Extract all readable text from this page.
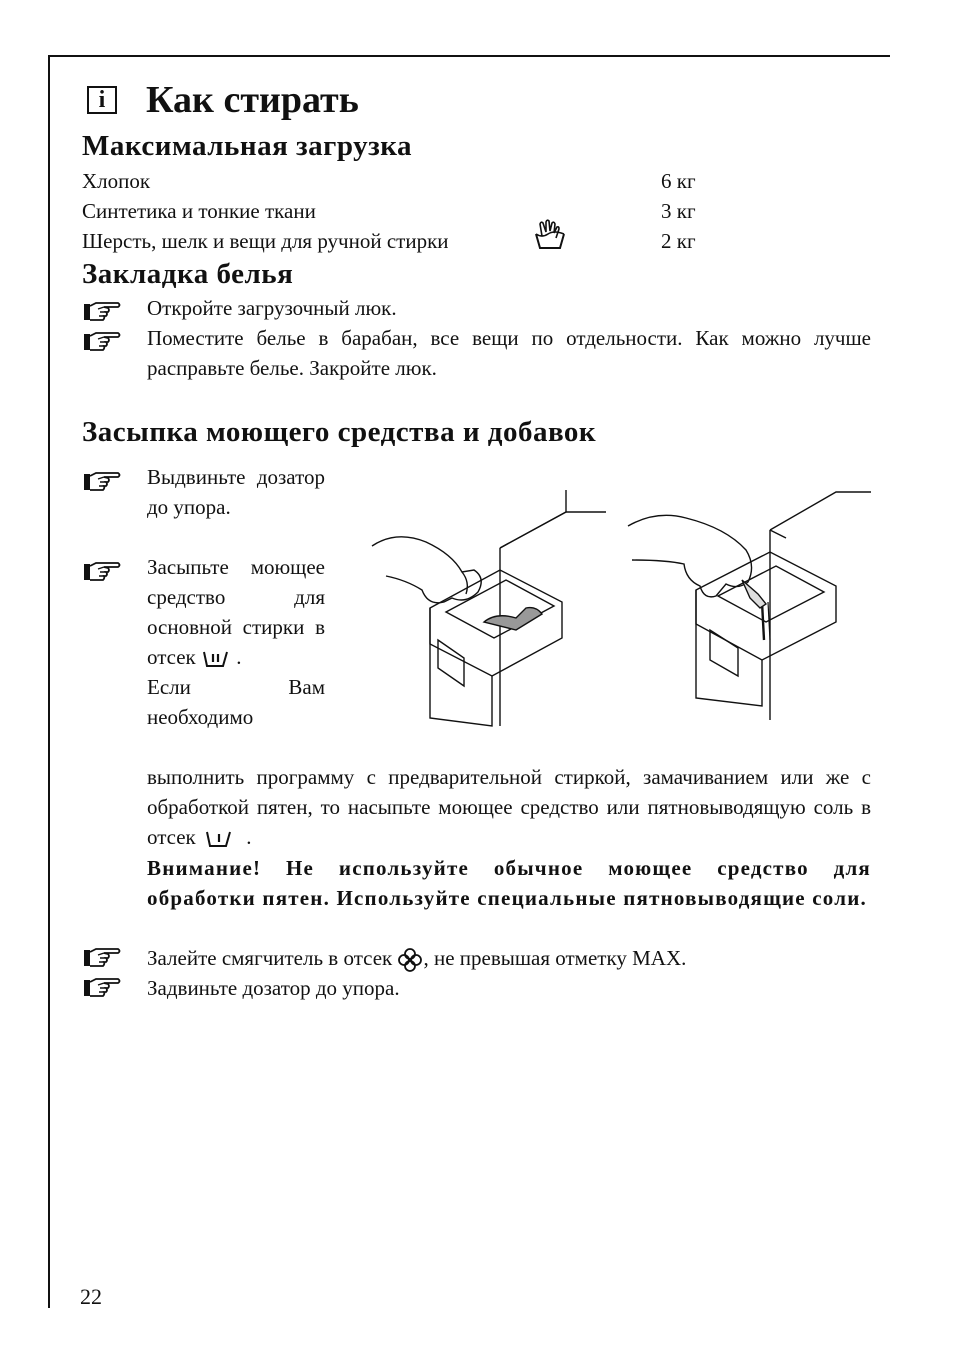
i	Как стирать
Максимальная загрузка
Хлопок	6 кг
Синтетика и тонкие ткани	3 кг
Шерсть, шелк и вещи для ручной стирки	2 кг
Закладка белья

Откройте загрузочный люк.

Поместите белье в барабан, все вещи по отдельности. Как можно лучше расправьте белье. Закройте люк.

Засыпка моющего средства и добавок

Выдвиньте дозатор до упора.

Засыпьте моющее средство для основной стирки в отсек  .
Если Вам необходимо

выполнить программу с предварительной стиркой, замачиванием или же с обработкой пятен, то насыпьте моющее средство или пятновыводящую соль в отсек  .

Внимание! Не используйте обычное моющее средство для обработки пятен. Используйте специальные пятновыводящие соли.

Залейте смягчитель в отсек , не превышая отметку MAX.

Задвиньте дозатор до упора.

22
